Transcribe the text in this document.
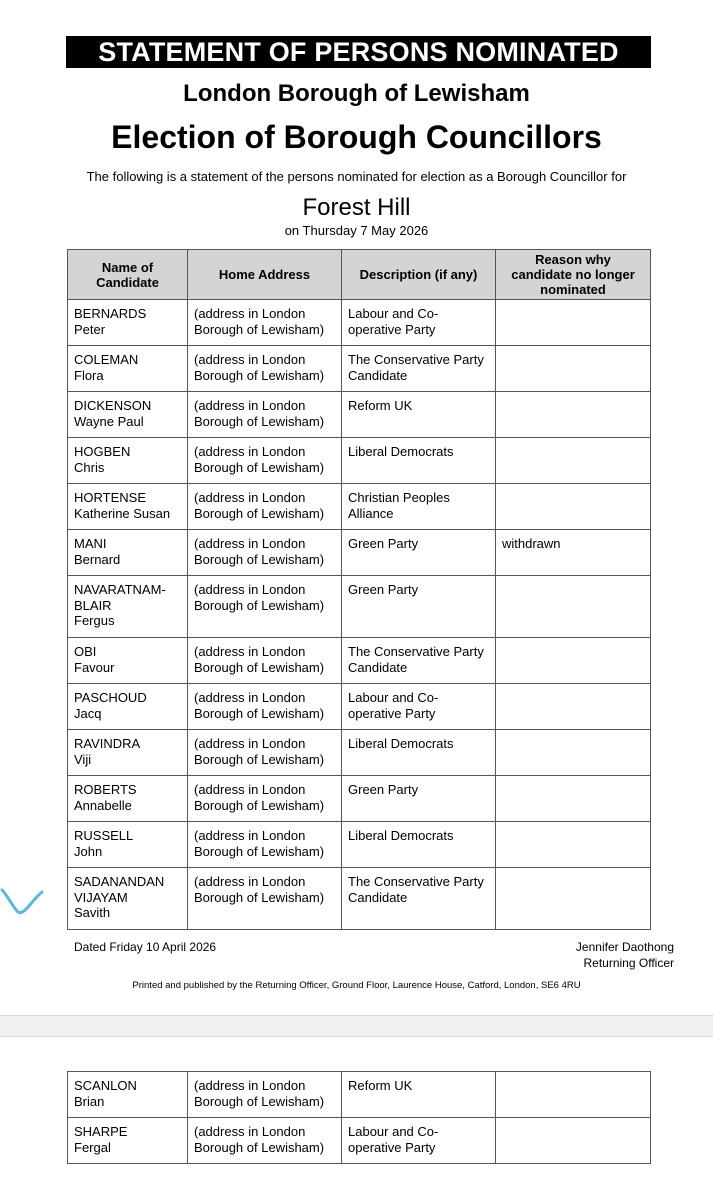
STATEMENT OF PERSONS NOMINATED
London Borough of Lewisham
Election of Borough Councillors
The following is a statement of the persons nominated for election as a Borough Councillor for
Forest Hill
on Thursday 7 May 2026
Name of
Candidate	Home Address	Description (if any)	Reason why
candidate no longer
nominated

BERNARDS
Peter	(address in London
Borough of Lewisham)	Labour and Co-
operative Party	

COLEMAN
Flora	(address in London
Borough of Lewisham)	The Conservative Party
Candidate	

DICKENSON
Wayne Paul	(address in London
Borough of Lewisham)	Reform UK	

HOGBEN
Chris	(address in London
Borough of Lewisham)	Liberal Democrats	

HORTENSE
Katherine Susan	(address in London
Borough of Lewisham)	Christian Peoples
Alliance	

MANI
Bernard	(address in London
Borough of Lewisham)	Green Party	withdrawn

NAVARATNAM-
BLAIR
Fergus	(address in London
Borough of Lewisham)	Green Party	

OBI
Favour	(address in London
Borough of Lewisham)	The Conservative Party
Candidate	

PASCHOUD
Jacq	(address in London
Borough of Lewisham)	Labour and Co-
operative Party	

RAVINDRA
Viji	(address in London
Borough of Lewisham)	Liberal Democrats	

ROBERTS
Annabelle	(address in London
Borough of Lewisham)	Green Party	

RUSSELL
John	(address in London
Borough of Lewisham)	Liberal Democrats	

SADANANDAN
VIJAYAM
Savith	(address in London
Borough of Lewisham)	The Conservative Party
Candidate	

Dated Friday 10 April 2026	Jennifer Daothong
Returning Officer
Printed and published by the Returning Officer, Ground Floor, Laurence House, Catford, London, SE6 4RU
SCANLON
Brian	(address in London
Borough of Lewisham)	Reform UK	

SHARPE
Fergal	(address in London
Borough of Lewisham)	Labour and Co-
operative Party	
